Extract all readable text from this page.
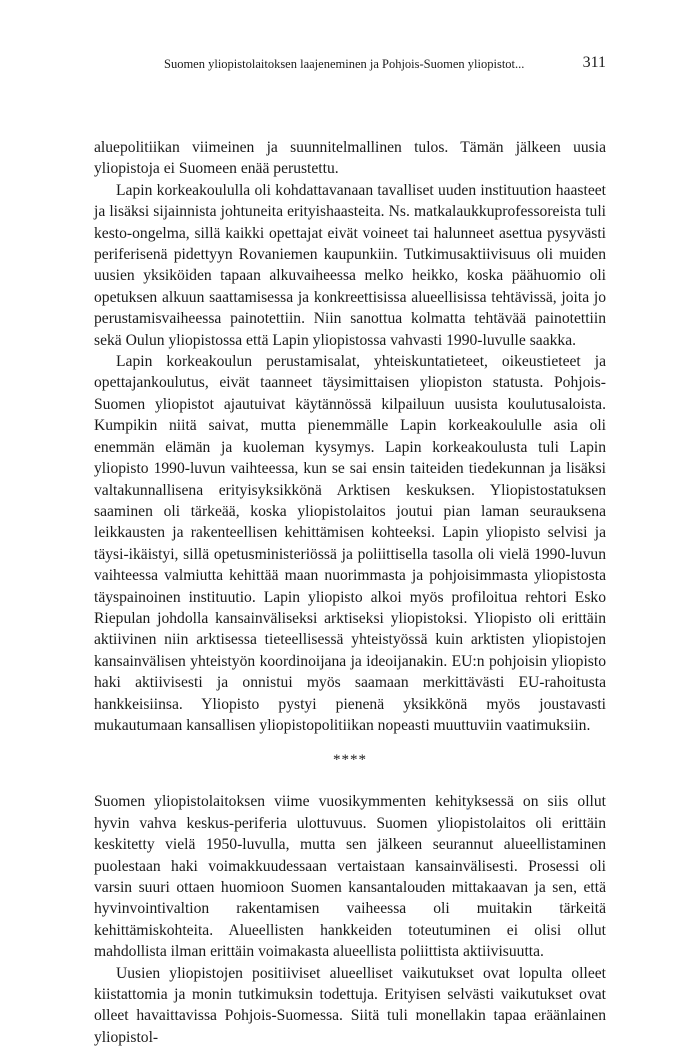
Suomen yliopistolaitoksen laajeneminen ja Pohjois-Suomen yliopistot...	311

aluepolitiikan viimeinen ja suunnitelmallinen tulos. Tämän jälkeen uusia yliopistoja ei Suomeen enää perustettu.

Lapin korkeakoululla oli kohdattavanaan tavalliset uuden instituution haasteet ja lisäksi sijainnista johtuneita erityishaasteita. Ns. matkalaukkuprofessoreista tuli kesto-ongelma, sillä kaikki opettajat eivät voineet tai halunneet asettua pysyvästi periferisenä pidettyyn Rovaniemen kaupunkiin. Tutkimusaktiivisuus oli muiden uusien yksiköiden tapaan alkuvaiheessa melko heikko, koska päähuomio oli opetuksen alkuun saattamisessa ja konkreettisissa alueellisissa tehtävissä, joita jo perustamisvaiheessa painotettiin. Niin sanottua kolmatta tehtävää painotettiin sekä Oulun yliopistossa että Lapin yliopistossa vahvasti 1990-luvulle saakka.

Lapin korkeakoulun perustamisalat, yhteiskuntatieteet, oikeustieteet ja opettajankoulutus, eivät taanneet täysimittaisen yliopiston statusta. Pohjois-Suomen yliopistot ajautuivat käytännössä kilpailuun uusista koulutusaloista. Kumpikin niitä saivat, mutta pienemmälle Lapin korkeakoululle asia oli enemmän elämän ja kuoleman kysymys. Lapin korkeakoulusta tuli Lapin yliopisto 1990-luvun vaihteessa, kun se sai ensin taiteiden tiedekunnan ja lisäksi valtakunnallisena erityisyksikkönä Arktisen keskuksen. Yliopistostatuksen saaminen oli tärkeää, koska yliopistolaitos joutui pian laman seurauksena leikkausten ja rakenteellisen kehittämisen kohteeksi. Lapin yliopisto selvisi ja täysi-ikäistyi, sillä opetusministeriössä ja poliittisella tasolla oli vielä 1990-luvun vaihteessa valmiutta kehittää maan nuorimmasta ja pohjoisimmasta yliopistosta täyspainoinen instituutio. Lapin yliopisto alkoi myös profiloitua rehtori Esko Riepulan johdolla kansainväliseksi arktiseksi yliopistoksi. Yliopisto oli erittäin aktiivinen niin arktisessa tieteellisessä yhteistyössä kuin arktisten yliopistojen kansainvälisen yhteistyön koordinoijana ja ideoijanakin. EU:n pohjoisin yliopisto haki aktiivisesti ja onnistui myös saamaan merkittävästi EU-rahoitusta hankkeisiinsa. Yliopisto pystyi pienenä yksikkönä myös joustavasti mukautumaan kansallisen yliopistopolitiikan nopeasti muuttuviin vaatimuksiin.

****

Suomen yliopistolaitoksen viime vuosikymmenten kehityksessä on siis ollut hyvin vahva keskus-periferia ulottuvuus. Suomen yliopistolaitos oli erittäin keskitetty vielä 1950-luvulla, mutta sen jälkeen seurannut alueellistaminen puolestaan haki voimakkuudessaan vertaistaan kansainvälisesti. Prosessi oli varsin suuri ottaen huomioon Suomen kansantalouden mittakaavan ja sen, että hyvinvointivaltion rakentamisen vaiheessa oli muitakin tärkeitä kehittämiskohteita. Alueellisten hankkeiden toteutuminen ei olisi ollut mahdollista ilman erittäin voimakasta alueellista poliittista aktiivisuutta.

Uusien yliopistojen positiiviset alueelliset vaikutukset ovat lopulta olleet kiistattomia ja monin tutkimuksin todettuja. Erityisen selvästi vaikutukset ovat olleet havaittavissa Pohjois-Suomessa. Siitä tuli monellakin tapaa eräänlainen yliopistol-
